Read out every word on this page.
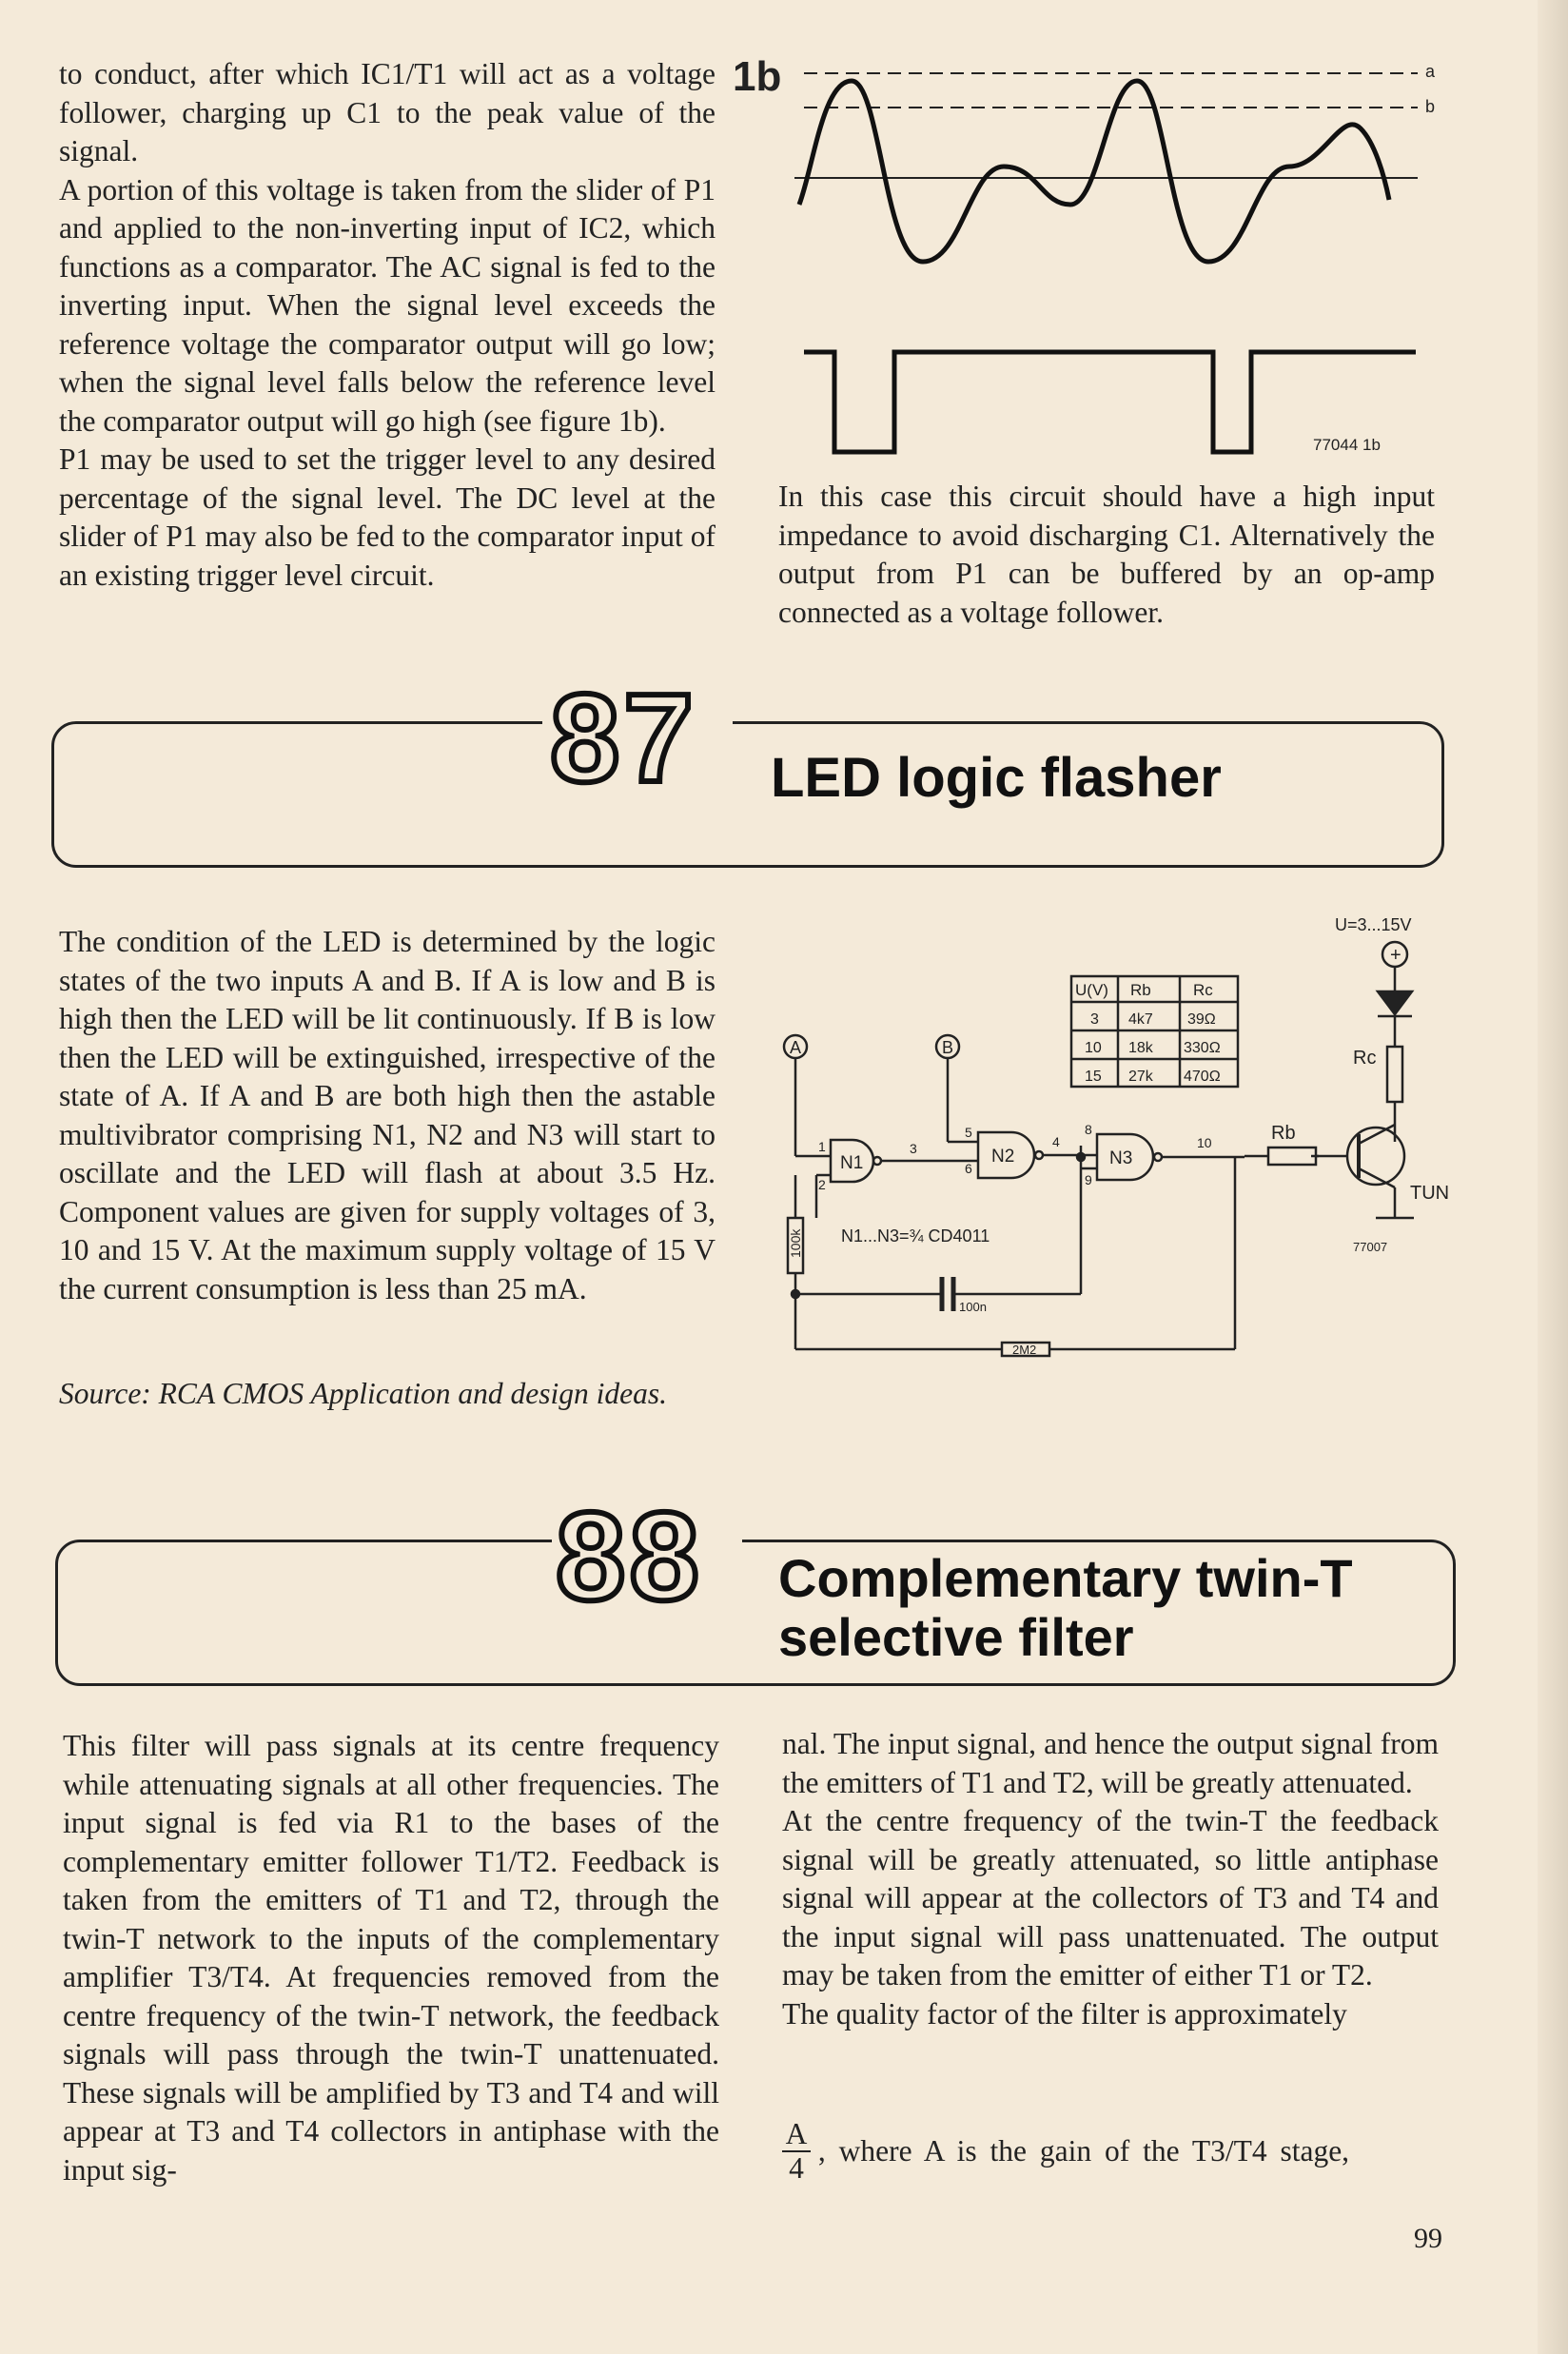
to conduct, after which IC1/T1 will act as a voltage follower, charging up C1 to the peak value of the signal.

A portion of this voltage is taken from the slider of P1 and applied to the non-inverting input of IC2, which functions as a comparator. The AC signal is fed to the inverting input. When the signal level exceeds the reference voltage the comparator output will go low; when the signal level falls below the reference level the comparator output will go high (see figure 1b).

P1 may be used to set the trigger level to any desired percentage of the signal level. The DC level at the slider of P1 may also be fed to the comparator input of an existing trigger level circuit.

1b	a
b
77044 1b

In this case this circuit should have a high input impedance to avoid discharging C1. Alternatively the output from P1 can be buffered by an op-amp connected as a voltage follower.

87 LED logic flasher

The condition of the LED is determined by the logic states of the two inputs A and B. If A is low and B is high then the LED will be lit continuously. If B is low then the LED will be extinguished, irrespective of the state of A. If A and B are both high then the astable multivibrator comprising N1, N2 and N3 will start to oscillate and the LED will flash at about 3.5 Hz. Component values are given for supply voltages of 3, 10 and 15 V. At the maximum supply voltage of 15 V the current consumption is less than 25 mA.

Source: RCA CMOS Application and design ideas.
U=3...15V
+
A	B
N1	N2	N3
1
2
3
5
6
4
8
9
10
N1...N3=¾ CD4011
100k
100n
2M2
Rb
Rc
TUN
77007
U(V) Rb	Rc
3 4k7 39Ω
10 18k 330Ω
15 27k 470Ω
88 Complementary twin-T
selective filter

This filter will pass signals at its centre frequency while attenuating signals at all other frequencies. The input signal is fed via R1 to the bases of the complementary emitter follower T1/T2. Feedback is taken from the emitters of T1 and T2, through the twin-T network to the inputs of the complementary amplifier T3/T4. At frequencies removed from the centre frequency of the twin-T network, the feedback signals will pass through the twin-T unattenuated. These signals will be amplified by T3 and T4 and will appear at T3 and T4 collectors in antiphase with the input sig-

nal. The input signal, and hence the output signal from the emitters of T1 and T2, will be greatly attenuated.

At the centre frequency of the twin-T the feedback signal will be greatly attenuated, so little antiphase signal will appear at the collectors of T3 and T4 and the input signal will pass unattenuated. The output may be taken from the emitter of either T1 or T2.

The quality factor of the filter is approximately

$\frac{A}{4}$ , where A is the gain of the T3/T4 stage,
99
